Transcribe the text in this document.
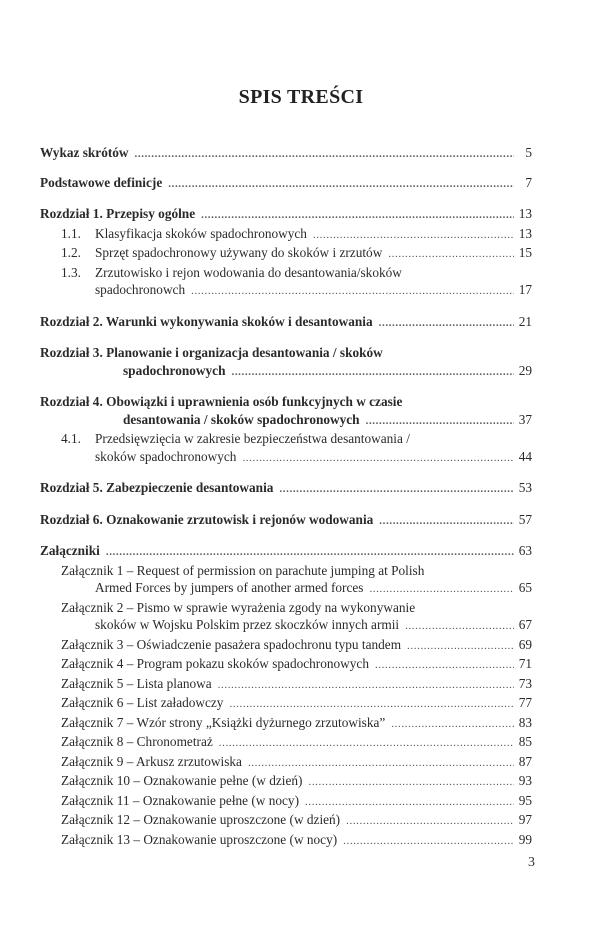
SPIS TREŚCI
Wykaz skrótów .....	5
Podstawowe definicje .....	7
Rozdział 1. Przepisy ogólne .....	13
1.1. Klasyfikacja skoków spadochronowych .....	13
1.2. Sprzęt spadochronowy używany do skoków i zrzutów .....	15
1.3. Zrzutowisko i rejon wodowania do desantowania/skoków
spadochronowch .....	17
Rozdział 2. Warunki wykonywania skoków i desantowania .....	21
Rozdział 3. Planowanie i organizacja desantowania / skoków
spadochronowych .....	29
Rozdział 4. Obowiązki i uprawnienia osób funkcyjnych w czasie
desantowania / skoków spadochronowych .....	37
4.1. Przedsięwzięcia w zakresie bezpieczeństwa desantowania /
skoków spadochronowych .....	44
Rozdział 5. Zabezpieczenie desantowania .....	53
Rozdział 6. Oznakowanie zrzutowisk i rejonów wodowania .....	57
Załączniki .....	63
Załącznik 1 – Request of permission on parachute jumping at Polish
Armed Forces by jumpers of another armed forces .....	65
Załącznik 2 – Pismo w sprawie wyrażenia zgody na wykonywanie
skoków w Wojsku Polskim przez skoczków innych armii .....	67
Załącznik 3 – Oświadczenie pasażera spadochronu typu tandem .....	69
Załącznik 4 – Program pokazu skoków spadochronowych .....	71
Załącznik 5 – Lista planowa .....	73
Załącznik 6 – List załadowczy .....	77
Załącznik 7 – Wzór strony „Książki dyżurnego zrzutowiska” .....	83
Załącznik 8 – Chronometraż .....	85
Załącznik 9 – Arkusz zrzutowiska .....	87
Załącznik 10 – Oznakowanie pełne (w dzień) .....	93
Załącznik 11 – Oznakowanie pełne (w nocy) .....	95
Załącznik 12 – Oznakowanie uproszczone (w dzień) .....	97
Załącznik 13 – Oznakowanie uproszczone (w nocy) .....	99
3
